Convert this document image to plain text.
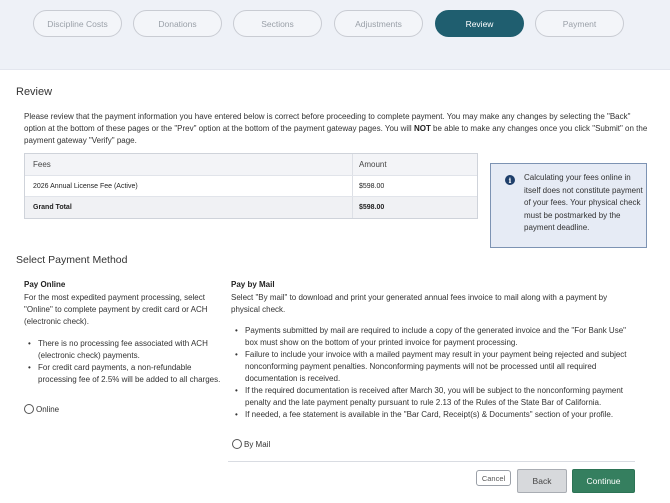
Discipline Costs	Donations	Sections	Adjustments	Review	Payment
Review

Please review that the payment information you have entered below is correct before proceeding to complete payment. You may make any changes by selecting the "Back" option at the bottom of these pages or the "Prev" option at the bottom of the payment gateway pages. You will NOT be able to make any changes once you click "Submit" on the payment gateway "Verify" page.

Fees	Amount
2026 Annual License Fee (Active)	$598.00
Grand Total	$598.00
i	Calculating your fees online in itself does not constitute payment of your fees. Your physical check must be postmarked by the payment deadline.
Select Payment Method
Pay Online

For the most expedited payment processing, select "Online" to complete payment by credit card or ACH (electronic check).

• There is no processing fee associated with ACH (electronic check) payments.
• For credit card payments, a non-refundable processing fee of 2.5% will be added to all charges.
Online
Pay by Mail

Select "By mail" to download and print your generated annual fees invoice to mail along with a payment by physical check.

• Payments submitted by mail are required to include a copy of the generated invoice and the "For Bank Use" box must show on the bottom of your printed invoice for payment processing.
• Failure to include your invoice with a mailed payment may result in your payment being rejected and subject nonconforming payment penalties. Nonconforming payments will not be processed until all required documentation is received.
• If the required documentation is received after March 30, you will be subject to the nonconforming payment penalty and the late payment penalty pursuant to rule 2.13 of the Rules of the State Bar of California.
• If needed, a fee statement is available in the "Bar Card, Receipt(s) & Documents" section of your profile.
By Mail
Cancel	Back	Continue
